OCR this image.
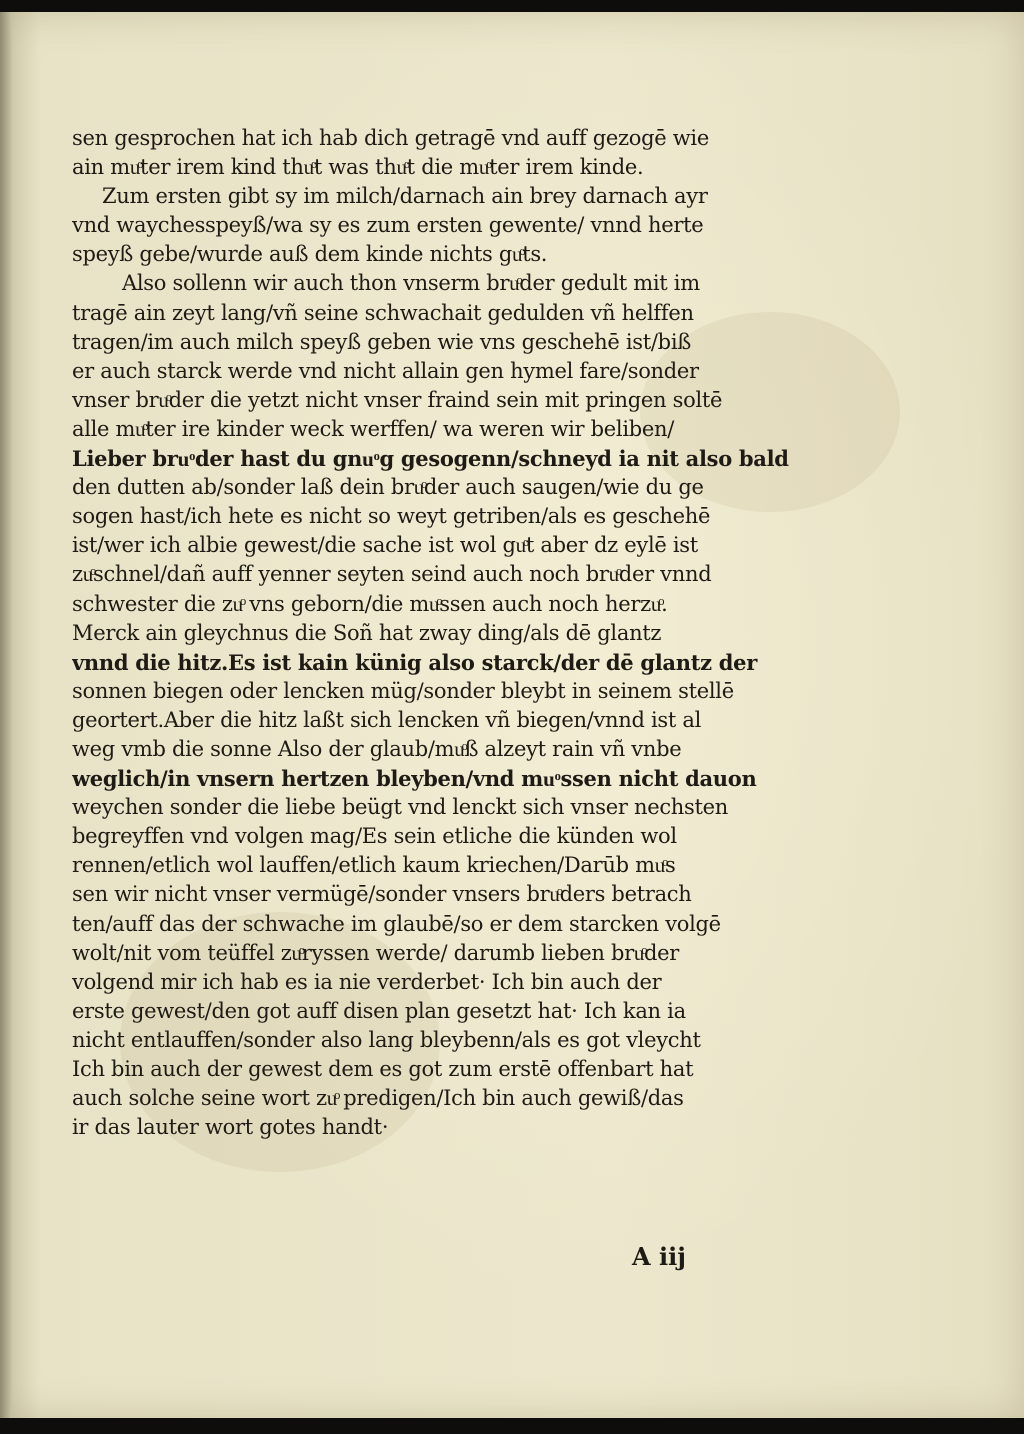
sen gesprochen hat ich hab dich getragē vnd auff gezogē wie
ain muͦter irem kind thuͦt was thuͦt die muͦter irem kinde.
Zum ersten gibt sy im milch/darnach ain brey darnach ayr
vnd waychesspeyß/wa sy es zum ersten gewente/ vnnd herte
speyß gebe/wurde auß dem kinde nichts guͦts.
Also sollenn wir auch thon vnserm bruͦder gedult mit im
tragē ain zeyt lang/vñ seine schwachait gedulden vñ helffen
tragen/im auch milch speyß geben wie vns geschehē ist/biß
er auch starck werde vnd nicht allain gen hymel fare/sonder
vnser bruͦder die yetzt nicht vnser fraind sein mit pringen soltē
alle muͦter ire kinder weck werffen/ wa weren wir beliben/
Lieber bruͦder hast du gnuͦg gesogenn/schneyd ia nit also bald
den dutten ab/sonder laß dein bruͦder auch saugen/wie du ge
sogen hast/ich hete es nicht so weyt getriben/als es geschehē
ist/wer ich albie gewest/die sache ist wol guͦt aber dz eylē ist
zuͦschnel/dañ auff yenner seyten seind auch noch bruͦder vnnd
schwester die zuͦ vns geborn/die muͦssen auch noch herzuͦ.
Merck ain gleychnus die Soñ hat zway ding/als dē glantz
vnnd die hitz.Es ist kain künig also starck/der dē glantz der
sonnen biegen oder lencken müg/sonder bleybt in seinem stellē
geortert.Aber die hitz laßt sich lencken vñ biegen/vnnd ist al
weg vmb die sonne Also der glaub/muͦß alzeyt rain vñ vnbe
weglich/in vnsern hertzen bleyben/vnd muͦssen nicht dauon
weychen sonder die liebe beügt vnd lenckt sich vnser nechsten
begreyffen vnd volgen mag/Es sein etliche die künden wol
rennen/etlich wol lauffen/etlich kaum kriechen/Darūb muͦs
sen wir nicht vnser vermügē/sonder vnsers bruͦders betrach
ten/auff das der schwache im glaubē/so er dem starcken volgē
wolt/nit vom teüffel zuͦryssen werde/ darumb lieben bruͦder
volgend mir ich hab es ia nie verderbet· Ich bin auch der
erste gewest/den got auff disen plan gesetzt hat· Ich kan ia
nicht entlauffen/sonder also lang bleybenn/als es got vleycht
Ich bin auch der gewest dem es got zum erstē offenbart hat
auch solche seine wort zuͦ predigen/Ich bin auch gewiß/das
ir das lauter wort gotes handt·
A iij
